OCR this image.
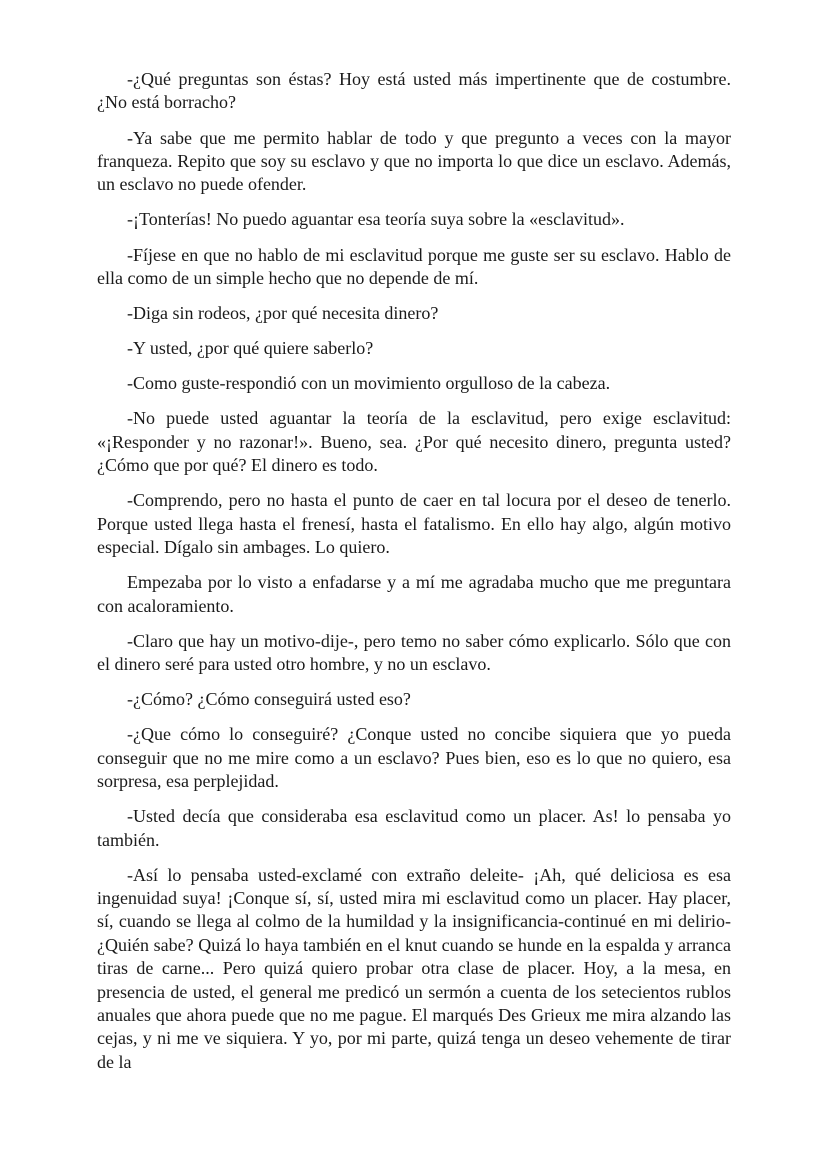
-¿Qué preguntas son éstas? Hoy está usted más impertinente que de costumbre. ¿No está borracho?

-Ya sabe que me permito hablar de todo y que pregunto a veces con la mayor franqueza. Repito que soy su esclavo y que no importa lo que dice un esclavo. Además, un esclavo no puede ofender.

-¡Tonterías! No puedo aguantar esa teoría suya sobre la «esclavitud».

-Fíjese en que no hablo de mi esclavitud porque me guste ser su esclavo. Hablo de ella como de un simple hecho que no depende de mí.

-Diga sin rodeos, ¿por qué necesita dinero?

-Y usted, ¿por qué quiere saberlo?

-Como guste-respondió con un movimiento orgulloso de la cabeza.

-No puede usted aguantar la teoría de la esclavitud, pero exige esclavitud: «¡Responder y no razonar!». Bueno, sea. ¿Por qué necesito dinero, pregunta usted? ¿Cómo que por qué? El dinero es todo.

-Comprendo, pero no hasta el punto de caer en tal locura por el deseo de tenerlo. Porque usted llega hasta el frenesí, hasta el fatalismo. En ello hay algo, algún motivo especial. Dígalo sin ambages. Lo quiero.

Empezaba por lo visto a enfadarse y a mí me agradaba mucho que me preguntara con acaloramiento.

-Claro que hay un motivo-dije-, pero temo no saber cómo explicarlo. Sólo que con el dinero seré para usted otro hombre, y no un esclavo.

-¿Cómo? ¿Cómo conseguirá usted eso?

-¿Que cómo lo conseguiré? ¿Conque usted no concibe siquiera que yo pueda conseguir que no me mire como a un esclavo? Pues bien, eso es lo que no quiero, esa sorpresa, esa perplejidad.

-Usted decía que consideraba esa esclavitud como un placer. As! lo pensaba yo también.

-Así lo pensaba usted-exclamé con extraño deleite- ¡Ah, qué deliciosa es esa ingenuidad suya! ¡Conque sí, sí, usted mira mi esclavitud como un placer. Hay placer, sí, cuando se llega al colmo de la humildad y la insignificancia-continué en mi delirio- ¿Quién sabe? Quizá lo haya también en el knut cuando se hunde en la espalda y arranca tiras de carne... Pero quizá quiero probar otra clase de placer. Hoy, a la mesa, en presencia de usted, el general me predicó un sermón a cuenta de los setecientos rublos anuales que ahora puede que no me pague. El marqués Des Grieux me mira alzando las cejas, y ni me ve siquiera. Y yo, por mi parte, quizá tenga un deseo vehemente de tirar de la
